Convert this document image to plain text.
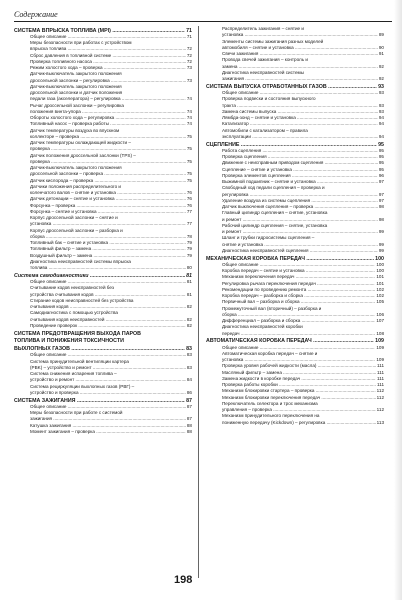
Содержание
СИСТЕМА ВПРЫСКА ТОПЛИВА (MPI) .....	71
Общее описание .....	71
Меры безопасности при работах с устройством
впрыска топлива .....	72
Сброс давления в топливной системе .....	72
Проверка топливного насоса .....	72
Режим холостого хода – проверка .....	73
Датчик-выключатель закрытого положения
дроссельной заслонки – регулировка .....	73
Датчик-выключатель закрытого положения
дроссельной заслонки и датчик положения
педали газа (акселератора) – регулировка .....	74
Рычаг дроссельной заслонки – регулировка
положения винта-упора .....	74
Обороты холостого хода – регулировка .....	74
Топливный насос – проверка работы .....	74
Датчик температуры воздуха во впускном
коллекторе – проверка .....	75
Датчик температуры охлаждающей жидкости –
проверка .....	75
Датчик положения дроссельной заслонки (TPS) –
проверка .....	75
Датчик-выключатель закрытого положения
дроссельной заслонки – проверка .....	75
Датчик кислорода – проверка .....	75
Датчики положения распределительного и
коленчатого валов – снятие и установка .....	76
Датчик детонации – снятие и установка .....	76
Форсунка – проверка .....	76
Форсунка – снятие и установка .....	77
Корпус дроссельной заслонки – снятие и
установка .....	77
Корпус дроссельной заслонки – разборка и
сборка .....	78
Топливный бак – снятие и установка .....	79
Топливный фильтр – замена .....	79
Воздушный фильтр – замена .....	79
Диагностика неисправностей системы впрыска
топлива .....	80
Система самодиагностики .....	81
Общее описание .....	81
Считывание кодов неисправностей без
устройства считывания кодов .....	81
Стирание кодов неисправностей без устройства
считывания кодов .....	82
Самодиагностика с помощью устройства
считывания кодов неисправностей .....	82
Проведение проверок .....	82
СИСТЕМА ПРЕДОТВРАЩЕНИЯ ВЫХОДА ПАРОВ
ТОПЛИВА И ПОНИЖЕНИЯ ТОКСИЧНОСТИ
ВЫХЛОПНЫХ ГАЗОВ .....	83
Общее описание .....	83
Система принудительной вентиляции картера
(PBK) – устройство и ремонт .....	83
Система снижения испарения топлива –
устройство и ремонт .....	84
Система рециркуляции выхлопных газов (PBГ) –
устройство и проверка .....	86
СИСТЕМА ЗАЖИГАНИЯ .....	87
Общее описание .....	87
Меры безопасности при работе с системой
зажигания .....	87
Катушка зажигания .....	88
Момент зажигания – проверка .....	88
Распределитель зажигания – снятие и
установка .....	89
Элементы системы зажигания разных моделей
автомобиля – снятие и установка .....	90
Свечи зажигания .....	91
Провода свечей зажигания – контроль и
замена .....	92
Диагностика неисправностей системы
зажигания .....	92
СИСТЕМА ВЫПУСКА ОТРАБОТАННЫХ ГАЗОВ .....	93
Общее описание .....	93
Проверка подвески и состояния выпускного
тракта .....	93
Замена системы выпуска .....	93
Лямбда-зонд – снятие и установка .....	94
Катализатор .....	94
Автомобили с катализатором – правила
эксплуатации .....	94
СЦЕПЛЕНИЕ .....	95
Работа сцепления .....	95
Проверка сцепления .....	95
Движение с неисправным приводом сцепления .....	95
Сцепление – снятие и установка .....	95
Проверка элементов сцепления .....	96
Выжимной подшипник – снятие и установка .....	97
Свободный ход педали сцепления – проверка и
регулировка .....	97
Удаление воздуха из системы сцепления .....	97
Датчик выключения сцепления – проверка .....	98
Главный цилиндр сцепления – снятие, установка
и ремонт .....	98
Рабочий цилиндр сцепления – снятие, установка
и ремонт .....	99
Шланг и трубки гидросистемы сцепления –
снятие и установка .....	99
Диагностика неисправностей сцепления .....	99
МЕХАНИЧЕСКАЯ КОРОБКА ПЕРЕДАЧ .....	100
Общее описание .....	100
Коробка передач – снятие и установка .....	100
Механизм переключения передач .....	101
Регулировка рычага переключения передач .....	101
Рекомендации по проведению ремонта .....	102
Коробка передач – разборка и сборка .....	102
Первичный вал – разборка и сборка .....	105
Промежуточный вал (вторичный) – разборка и
сборка .....	106
Дифференциал – разборка и сборка .....	107
Диагностика неисправностей коробки
передач .....	108
АВТОМАТИЧЕСКАЯ КОРОБКА ПЕРЕДАЧ .....	109
Общее описание .....	109
Автоматическая коробка передач – снятие и
установка .....	109
Проверка уровня рабочей жидкости (масла) .....	111
Масляный фильтр – замена .....	111
Замена жидкости в коробке передач .....	111
Проверка работы коробки .....	111
Механизм блокировки стартера – проверка .....	112
Механизм блокировки переключения передач .....	112
Переключатель селектора и трос механизма
управления – проверка .....	112
Механизм принудительного переключения на
пониженную передачу (Kickdown) – регулировка .....	113
198
